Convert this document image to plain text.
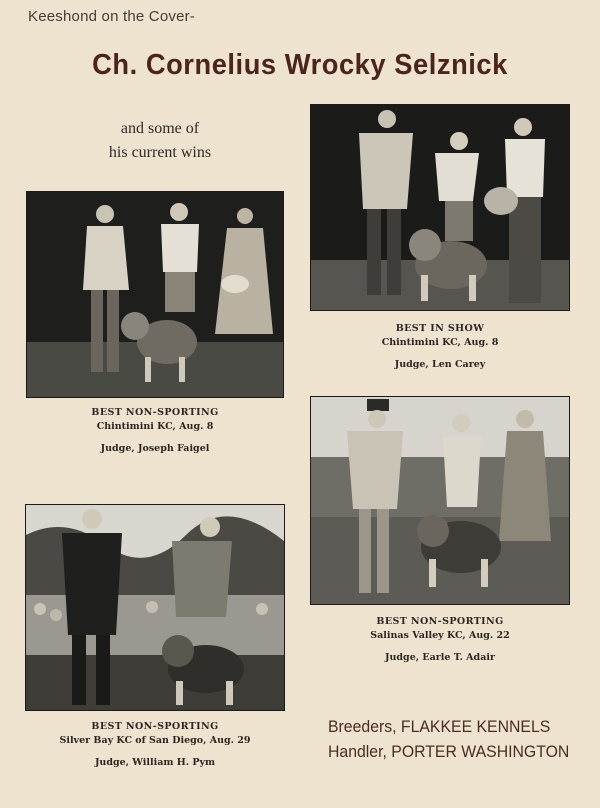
Keeshond on the Cover-
Ch. Cornelius Wrocky Selznick
and some of
his current wins
BEST NON-SPORTING
Chintimini KC, Aug. 8
Judge, Joseph Faigel
BEST IN SHOW
Chintimini KC, Aug. 8
Judge, Len Carey
BEST NON-SPORTING
Salinas Valley KC, Aug. 22
Judge, Earle T. Adair
BEST NON-SPORTING
Silver Bay KC of San Diego, Aug. 29
Judge, William H. Pym
Breeders, FLAKKEE KENNELS
Handler, PORTER WASHINGTON
